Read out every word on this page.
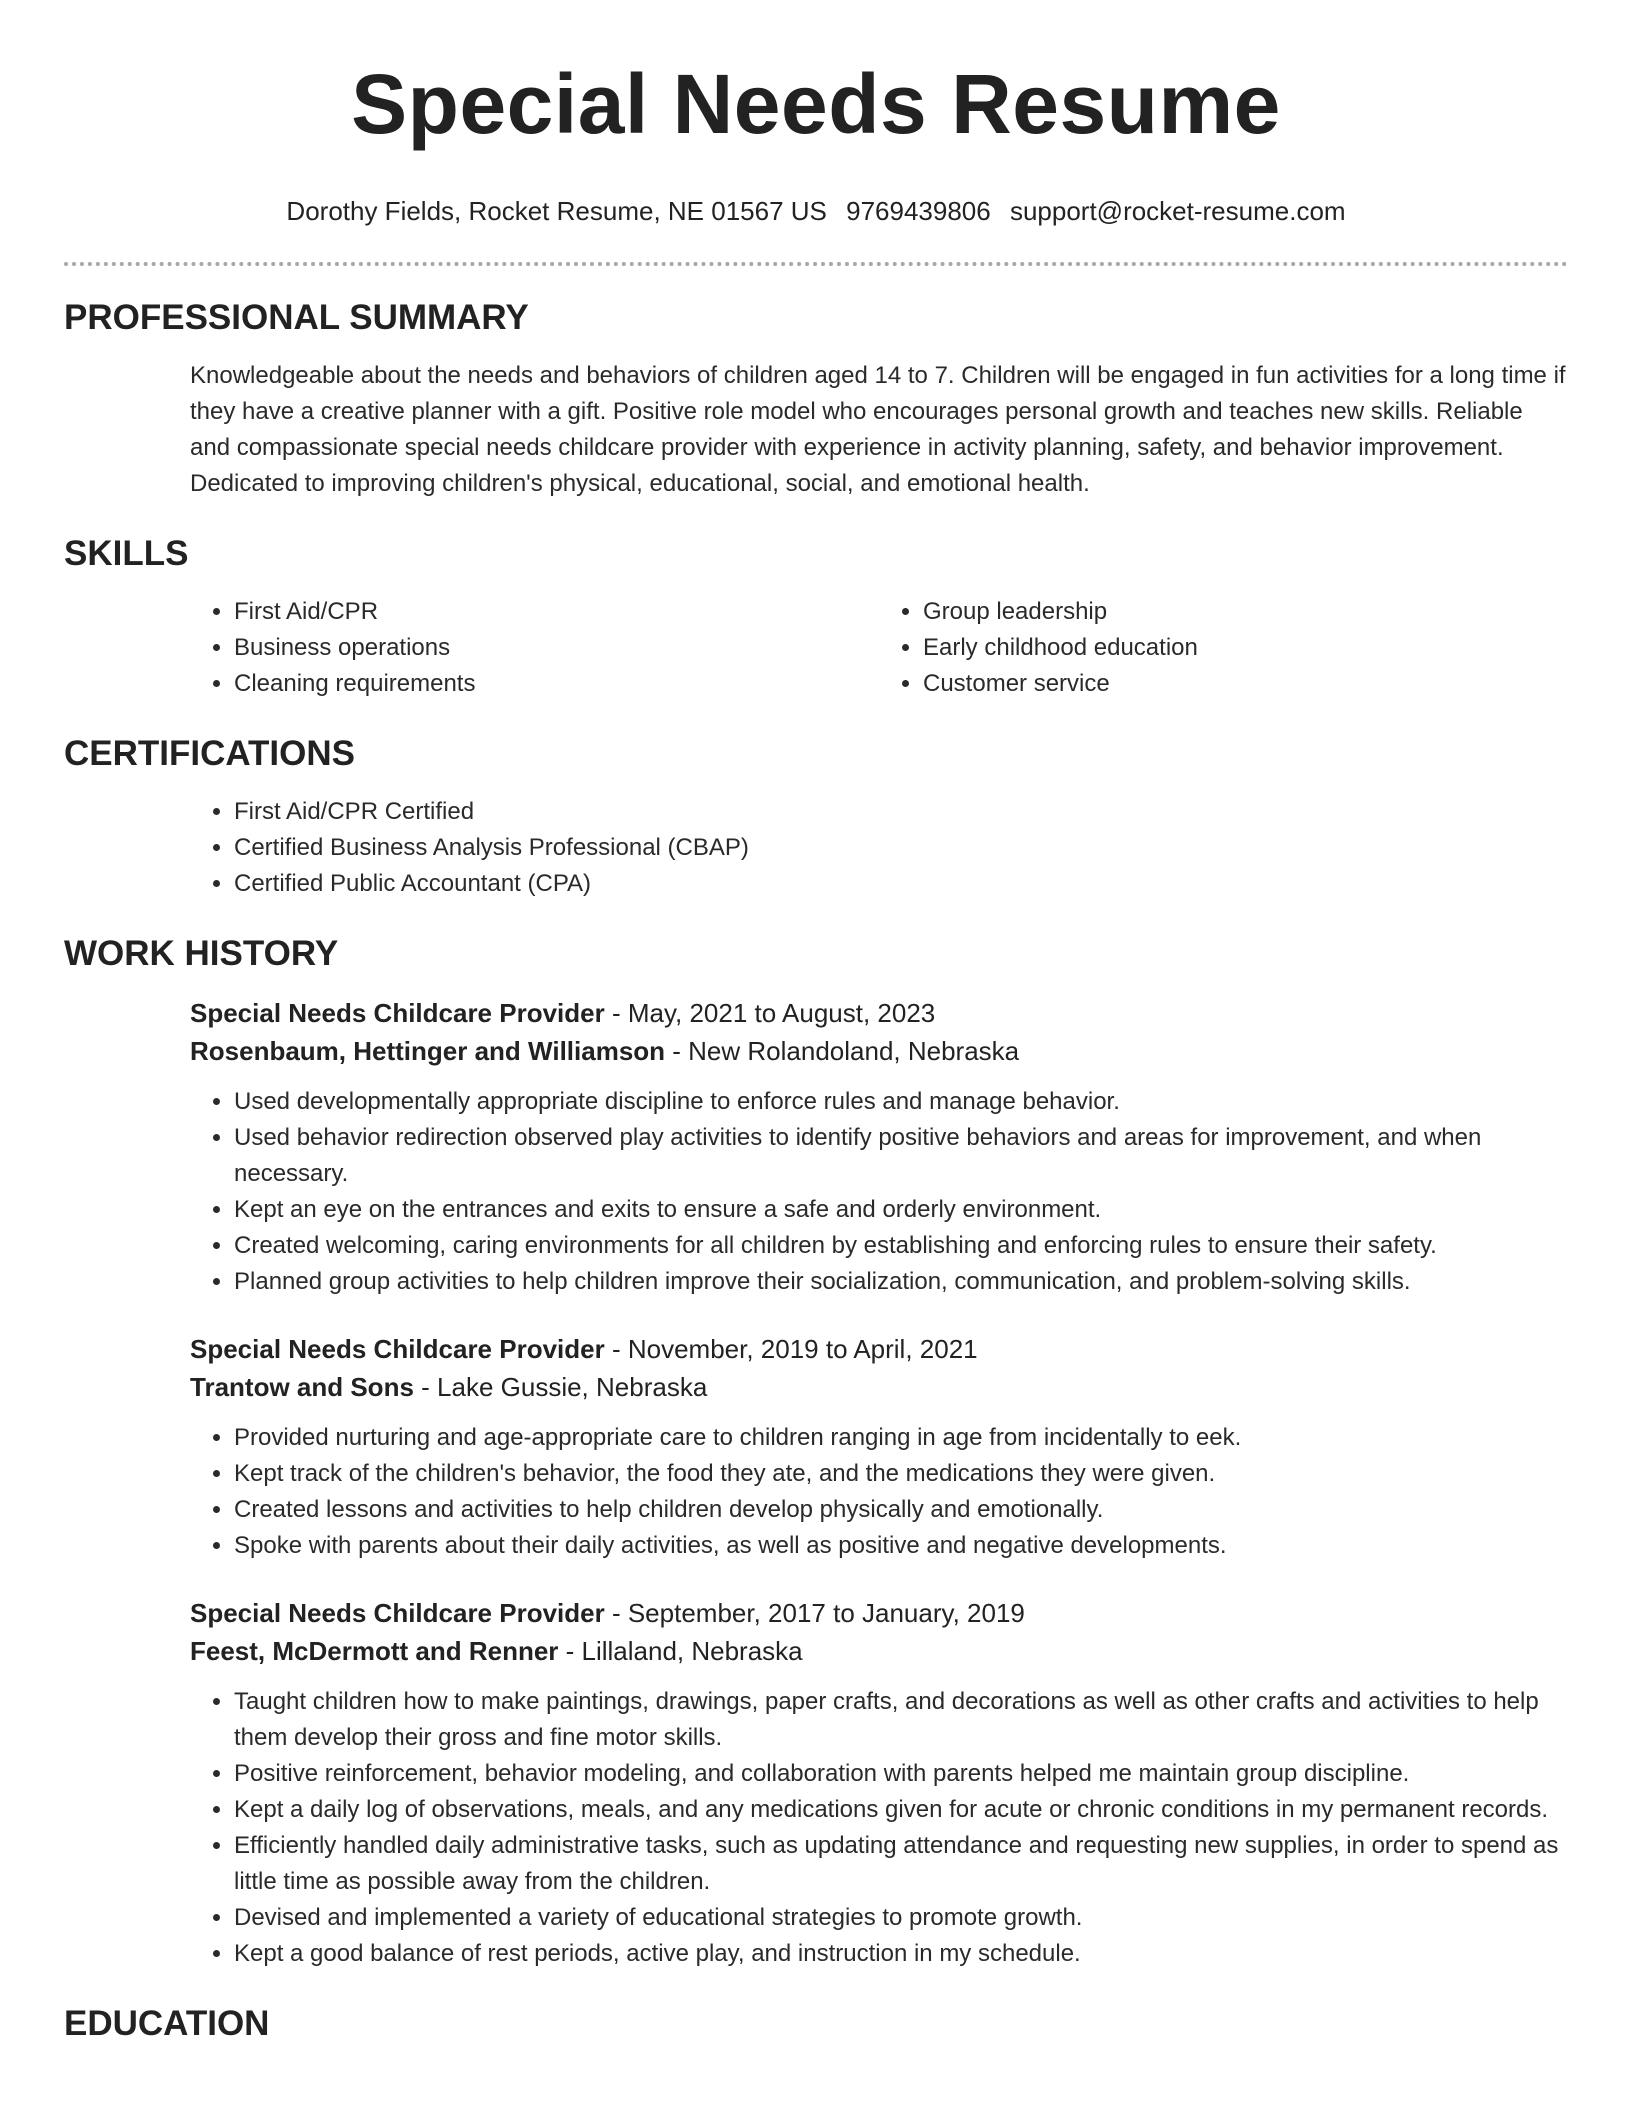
Special Needs Resume
Dorothy Fields, Rocket Resume, NE 01567 US 9769439806 support@rocket-resume.com
PROFESSIONAL SUMMARY

Knowledgeable about the needs and behaviors of children aged 14 to 7. Children will be engaged in fun activities for a long time if they have a creative planner with a gift. Positive role model who encourages personal growth and teaches new skills. Reliable and compassionate special needs childcare provider with experience in activity planning, safety, and behavior improvement. Dedicated to improving children's physical, educational, social, and emotional health.

SKILLS
• First Aid/CPR
• Business operations
• Cleaning requirements
• Group leadership
• Early childhood education
• Customer service
CERTIFICATIONS
• First Aid/CPR Certified
• Certified Business Analysis Professional (CBAP)
• Certified Public Accountant (CPA)
WORK HISTORY
Special Needs Childcare Provider - May, 2021 to August, 2023
Rosenbaum, Hettinger and Williamson - New Rolandoland, Nebraska
• Used developmentally appropriate discipline to enforce rules and manage behavior.
• Used behavior redirection observed play activities to identify positive behaviors and areas for improvement, and when necessary.
• Kept an eye on the entrances and exits to ensure a safe and orderly environment.
• Created welcoming, caring environments for all children by establishing and enforcing rules to ensure their safety.
• Planned group activities to help children improve their socialization, communication, and problem-solving skills.
Special Needs Childcare Provider - November, 2019 to April, 2021
Trantow and Sons - Lake Gussie, Nebraska
• Provided nurturing and age-appropriate care to children ranging in age from incidentally to eek.
• Kept track of the children's behavior, the food they ate, and the medications they were given.
• Created lessons and activities to help children develop physically and emotionally.
• Spoke with parents about their daily activities, as well as positive and negative developments.
Special Needs Childcare Provider - September, 2017 to January, 2019
Feest, McDermott and Renner - Lillaland, Nebraska
• Taught children how to make paintings, drawings, paper crafts, and decorations as well as other crafts and activities to help them develop their gross and fine motor skills.
• Positive reinforcement, behavior modeling, and collaboration with parents helped me maintain group discipline.
• Kept a daily log of observations, meals, and any medications given for acute or chronic conditions in my permanent records.
• Efficiently handled daily administrative tasks, such as updating attendance and requesting new supplies, in order to spend as little time as possible away from the children.
• Devised and implemented a variety of educational strategies to promote growth.
• Kept a good balance of rest periods, active play, and instruction in my schedule.
EDUCATION
